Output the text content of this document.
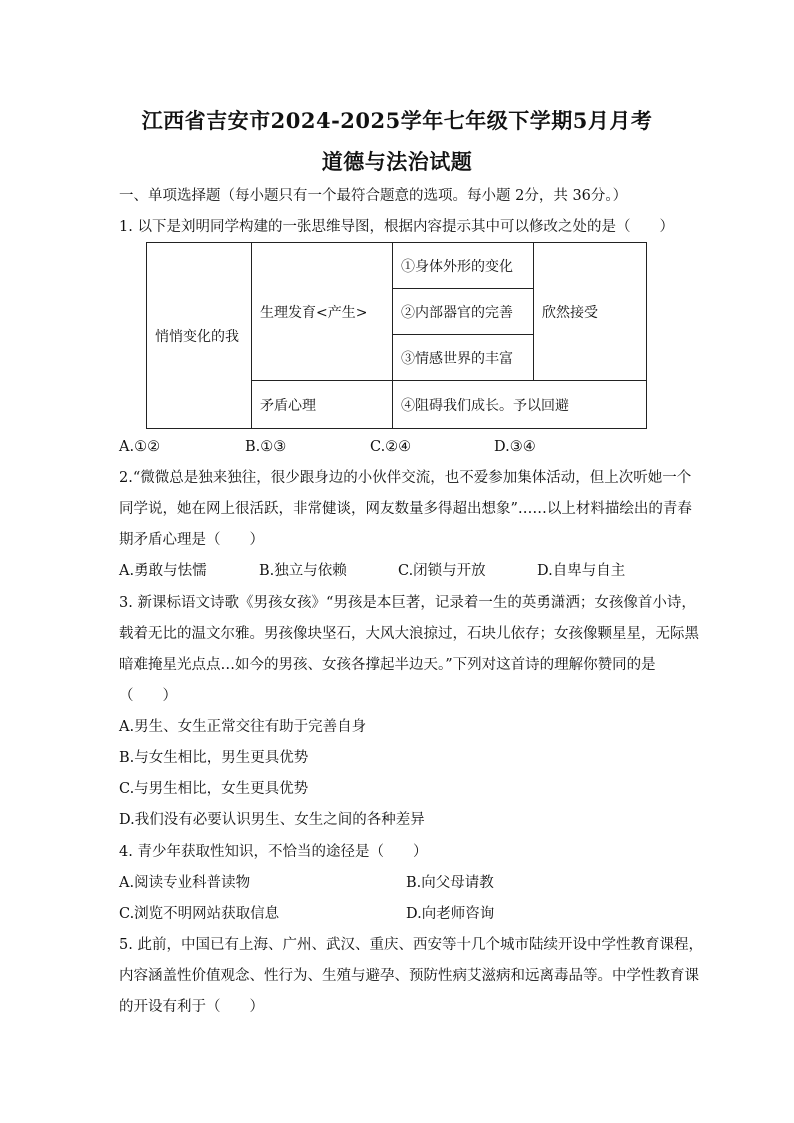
江西省吉安市2024-2025学年七年级下学期5月月考
道德与法治试题
一、单项选择题（每小题只有一个最符合题意的选项。每小题 2分，共 36分。）
1. 以下是刘明同学构建的一张思维导图，根据内容提示其中可以修改之处的是（　　）
悄悄变化的我	生理发育<产生>	①身体外形的变化	欣然接受
		②内部器官的完善	
		③情感世界的丰富	
	矛盾心理	④阻碍我们成长。予以回避	
A.①②	B.①③	C.②④	D.③④
2.“微微总是独来独往，很少跟身边的小伙伴交流，也不爱参加集体活动，但上次听她一个
同学说，她在网上很活跃，非常健谈，网友数量多得超出想象”……以上材料描绘出的青春
期矛盾心理是（　　）
A.勇敢与怯懦	B.独立与依赖	C.闭锁与开放	D.自卑与自主
3. 新课标语文诗歌《男孩女孩》“男孩是本巨著，记录着一生的英勇潇洒；女孩像首小诗，
载着无比的温文尔雅。男孩像块坚石，大风大浪掠过，石块儿依存；女孩像颗星星，无际黑
暗难掩星光点点…如今的男孩、女孩各撑起半边天。”下列对这首诗的理解你赞同的是
（　　）
A.男生、女生正常交往有助于完善自身
B.与女生相比，男生更具优势
C.与男生相比，女生更具优势
D.我们没有必要认识男生、女生之间的各种差异
4. 青少年获取性知识，不恰当的途径是（　　）
A.阅读专业科普读物	B.向父母请教
C.浏览不明网站获取信息	D.向老师咨询
5. 此前，中国已有上海、广州、武汉、重庆、西安等十几个城市陆续开设中学性教育课程，
内容涵盖性价值观念、性行为、生殖与避孕、预防性病艾滋病和远离毒品等。中学性教育课
的开设有利于（　　）
